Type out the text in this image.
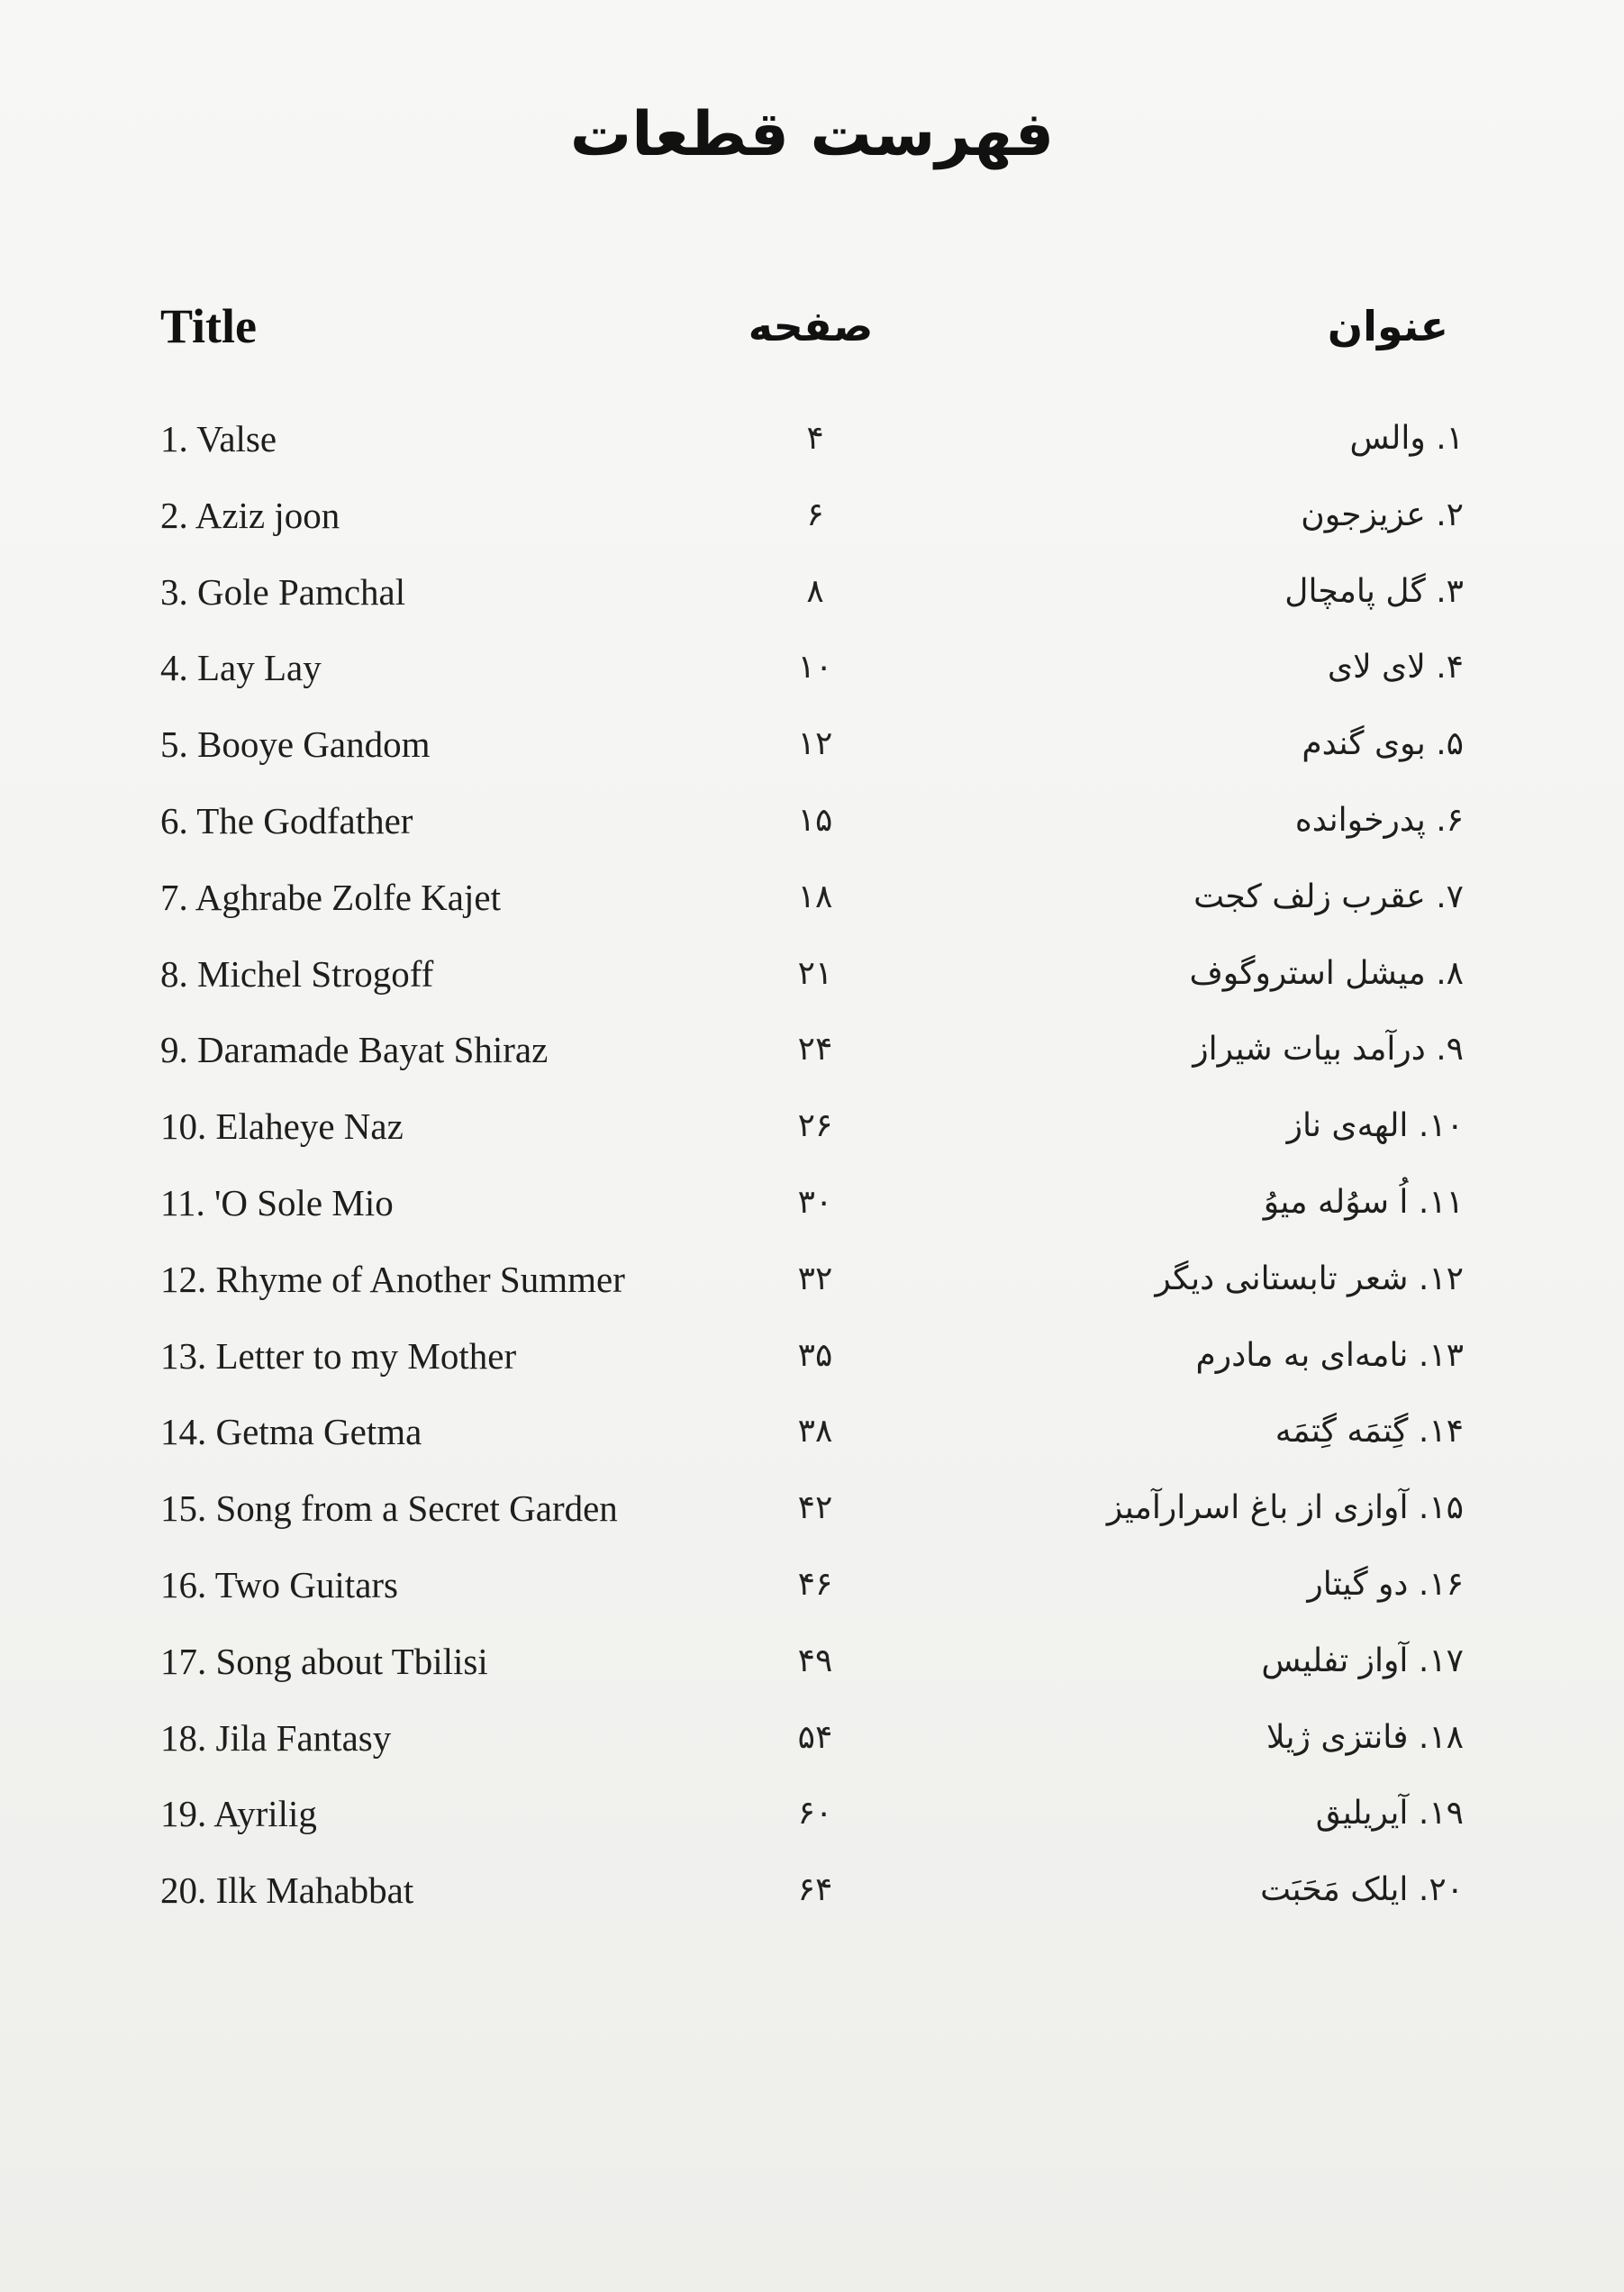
فهرست قطعات
Title	صفحه	عنوان
1. Valse	۴	۱. والس
2. Aziz joon	۶	۲. عزیزجون
3. Gole Pamchal	۸	۳. گل پامچال
4. Lay Lay	۱۰	۴. لای لای
5. Booye Gandom	۱۲	۵. بوی گندم
6. The Godfather	۱۵	۶. پدرخوانده
7. Aghrabe Zolfe Kajet	۱۸	۷. عقرب زلف کجت
8. Michel Strogoff	۲۱	۸. میشل استروگوف
9. Daramade Bayat Shiraz	۲۴	۹. درآمد بیات شیراز
10. Elaheye Naz	۲۶	۱۰. الهه‌ی ناز
11. 'O Sole Mio	۳۰	۱۱. اُ سوُله میوُ
12. Rhyme of Another Summer	۳۲	۱۲. شعر تابستانی دیگر
13. Letter to my Mother	۳۵	۱۳. نامه‌ای به مادرم
14. Getma Getma	۳۸	۱۴. گِتمَه گِتمَه
15. Song from a Secret Garden	۴۲	۱۵. آوازی از باغ اسرارآمیز
16. Two Guitars	۴۶	۱۶. دو گیتار
17. Song about Tbilisi	۴۹	۱۷. آواز تفلیس
18. Jila Fantasy	۵۴	۱۸. فانتزی ژیلا
19. Ayrilig	۶۰	۱۹. آیریلیق
20. Ilk Mahabbat	۶۴	۲۰. ایلک مَحَبَت
